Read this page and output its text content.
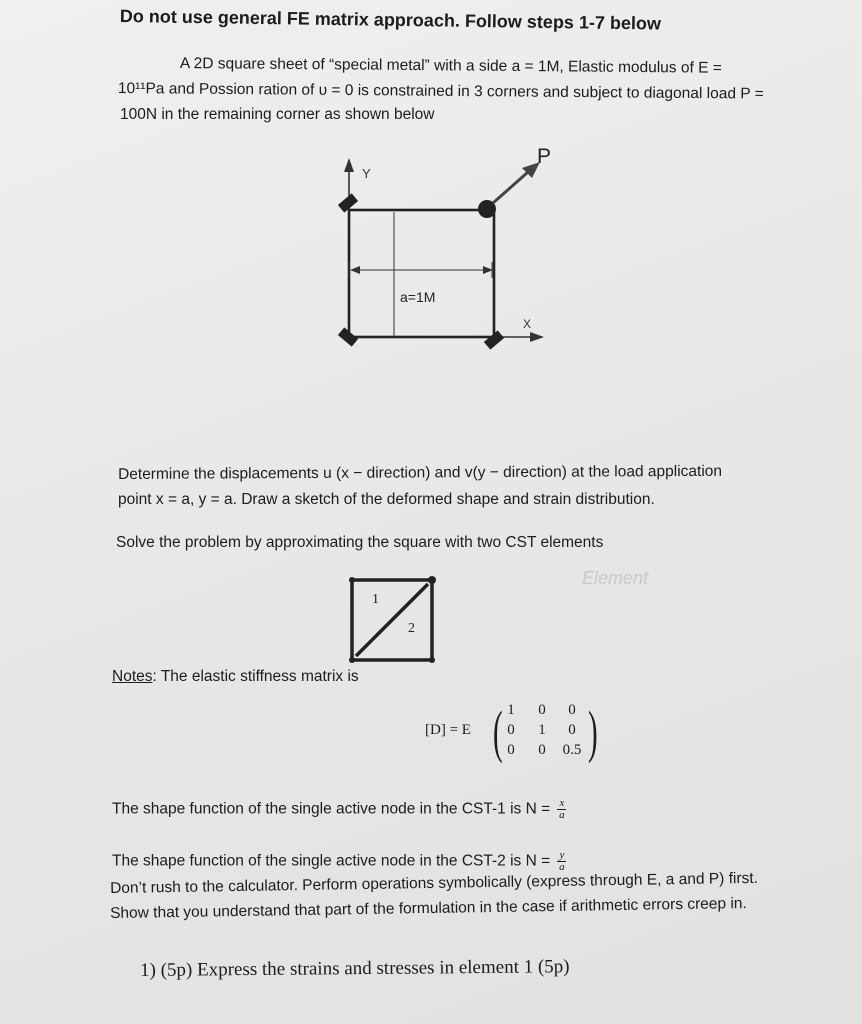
Do not use general FE matrix approach. Follow steps 1-7 below
A 2D square sheet of “special metal” with a side a = 1M, Elastic modulus of E =
10¹¹Pa and Possion ration of υ = 0 is constrained in 3 corners and subject to diagonal load P =
100N in the remaining corner as shown below
Y
X
P
a=1M
Determine the displacements u (x − direction) and v(y − direction) at the load application
point x = a, y = a. Draw a sketch of the deformed shape and strain distribution.
Solve the problem by approximating the square with two CST elements
1
2
Element
Notes: The elastic stiffness matrix is
[D] = E ( 1	0	0
0	1	0
0	0	0.5 )
The shape function of the single active node in the CST-1 is $N = \frac{x}{a}$
The shape function of the single active node in the CST-2 is $N = \frac{y}{a}$
Don’t rush to the calculator. Perform operations symbolically (express through E, a and P) first.
Show that you understand that part of the formulation in the case if arithmetic errors creep in.
1) (5p) Express the strains and stresses in element 1 (5p)
